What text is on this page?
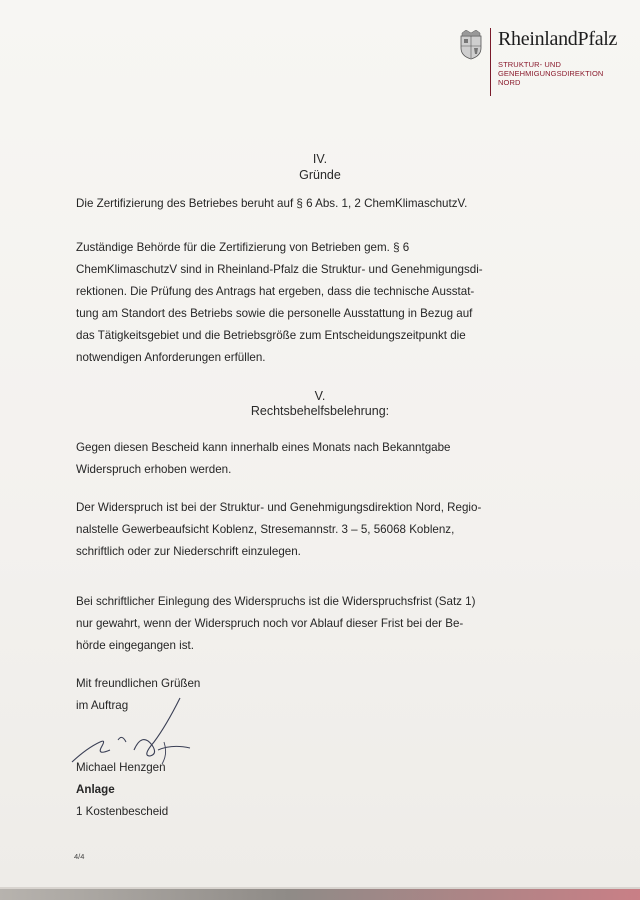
RheinlandPfalz
STRUKTUR- UND
GENEHMIGUNGSDIREKTION
NORD
IV.
Gründe
Die Zertifizierung des Betriebes beruht auf § 6 Abs. 1, 2 ChemKlimaschutzV.
Zuständige Behörde für die Zertifizierung von Betrieben gem. § 6
ChemKlimaschutzV sind in Rheinland-Pfalz die Struktur- und Genehmigungsdi-
rektionen. Die Prüfung des Antrags hat ergeben, dass die technische Ausstat-
tung am Standort des Betriebs sowie die personelle Ausstattung in Bezug auf
das Tätigkeitsgebiet und die Betriebsgröße zum Entscheidungszeitpunkt die
notwendigen Anforderungen erfüllen.
V.
Rechtsbehelfsbelehrung:
Gegen diesen Bescheid kann innerhalb eines Monats nach Bekanntgabe
Widerspruch erhoben werden.
Der Widerspruch ist bei der Struktur- und Genehmigungsdirektion Nord, Regio-
nalstelle Gewerbeaufsicht Koblenz, Stresemannstr. 3 – 5, 56068 Koblenz,
schriftlich oder zur Niederschrift einzulegen.
Bei schriftlicher Einlegung des Widerspruchs ist die Widerspruchsfrist (Satz 1)
nur gewahrt, wenn der Widerspruch noch vor Ablauf dieser Frist bei der Be-
hörde eingegangen ist.
Mit freundlichen Grüßen
im Auftrag
Michael Henzgen
Anlage
1 Kostenbescheid
4/4
